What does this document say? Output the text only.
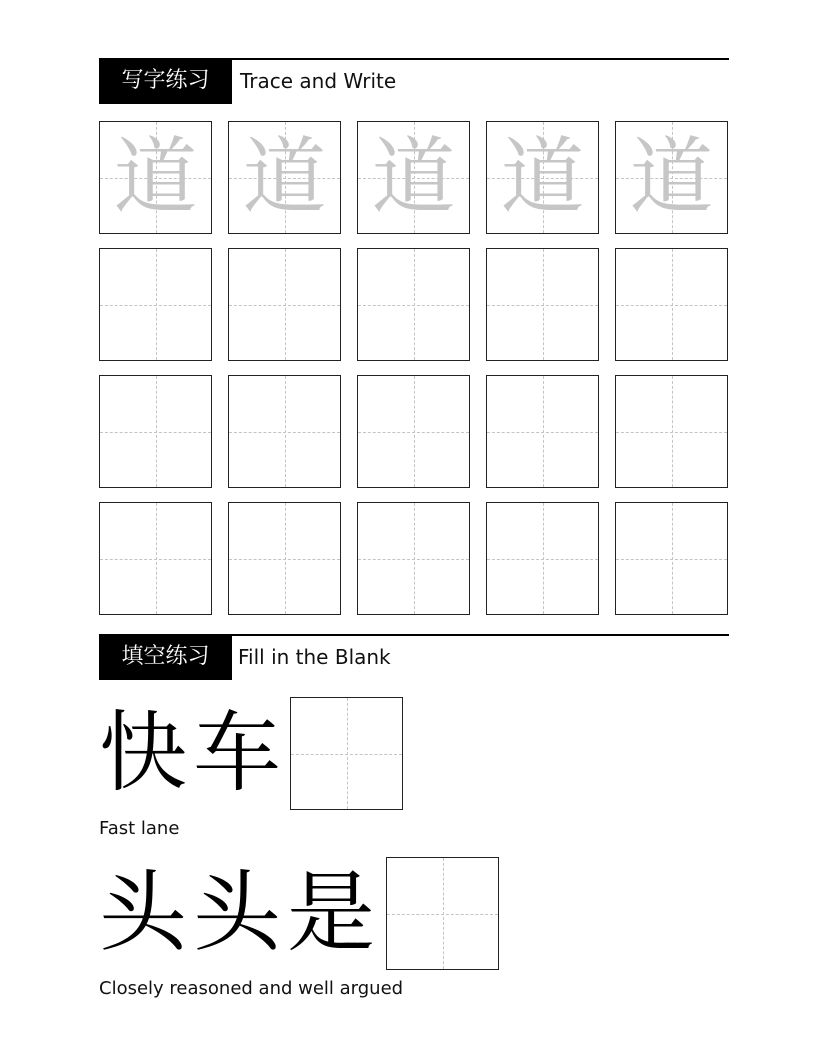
写字练习	Trace and Write
道 道 道 道 道
填空练习	Fill in the Blank
快车
Fast lane
头头是
Closely reasoned and well argued
